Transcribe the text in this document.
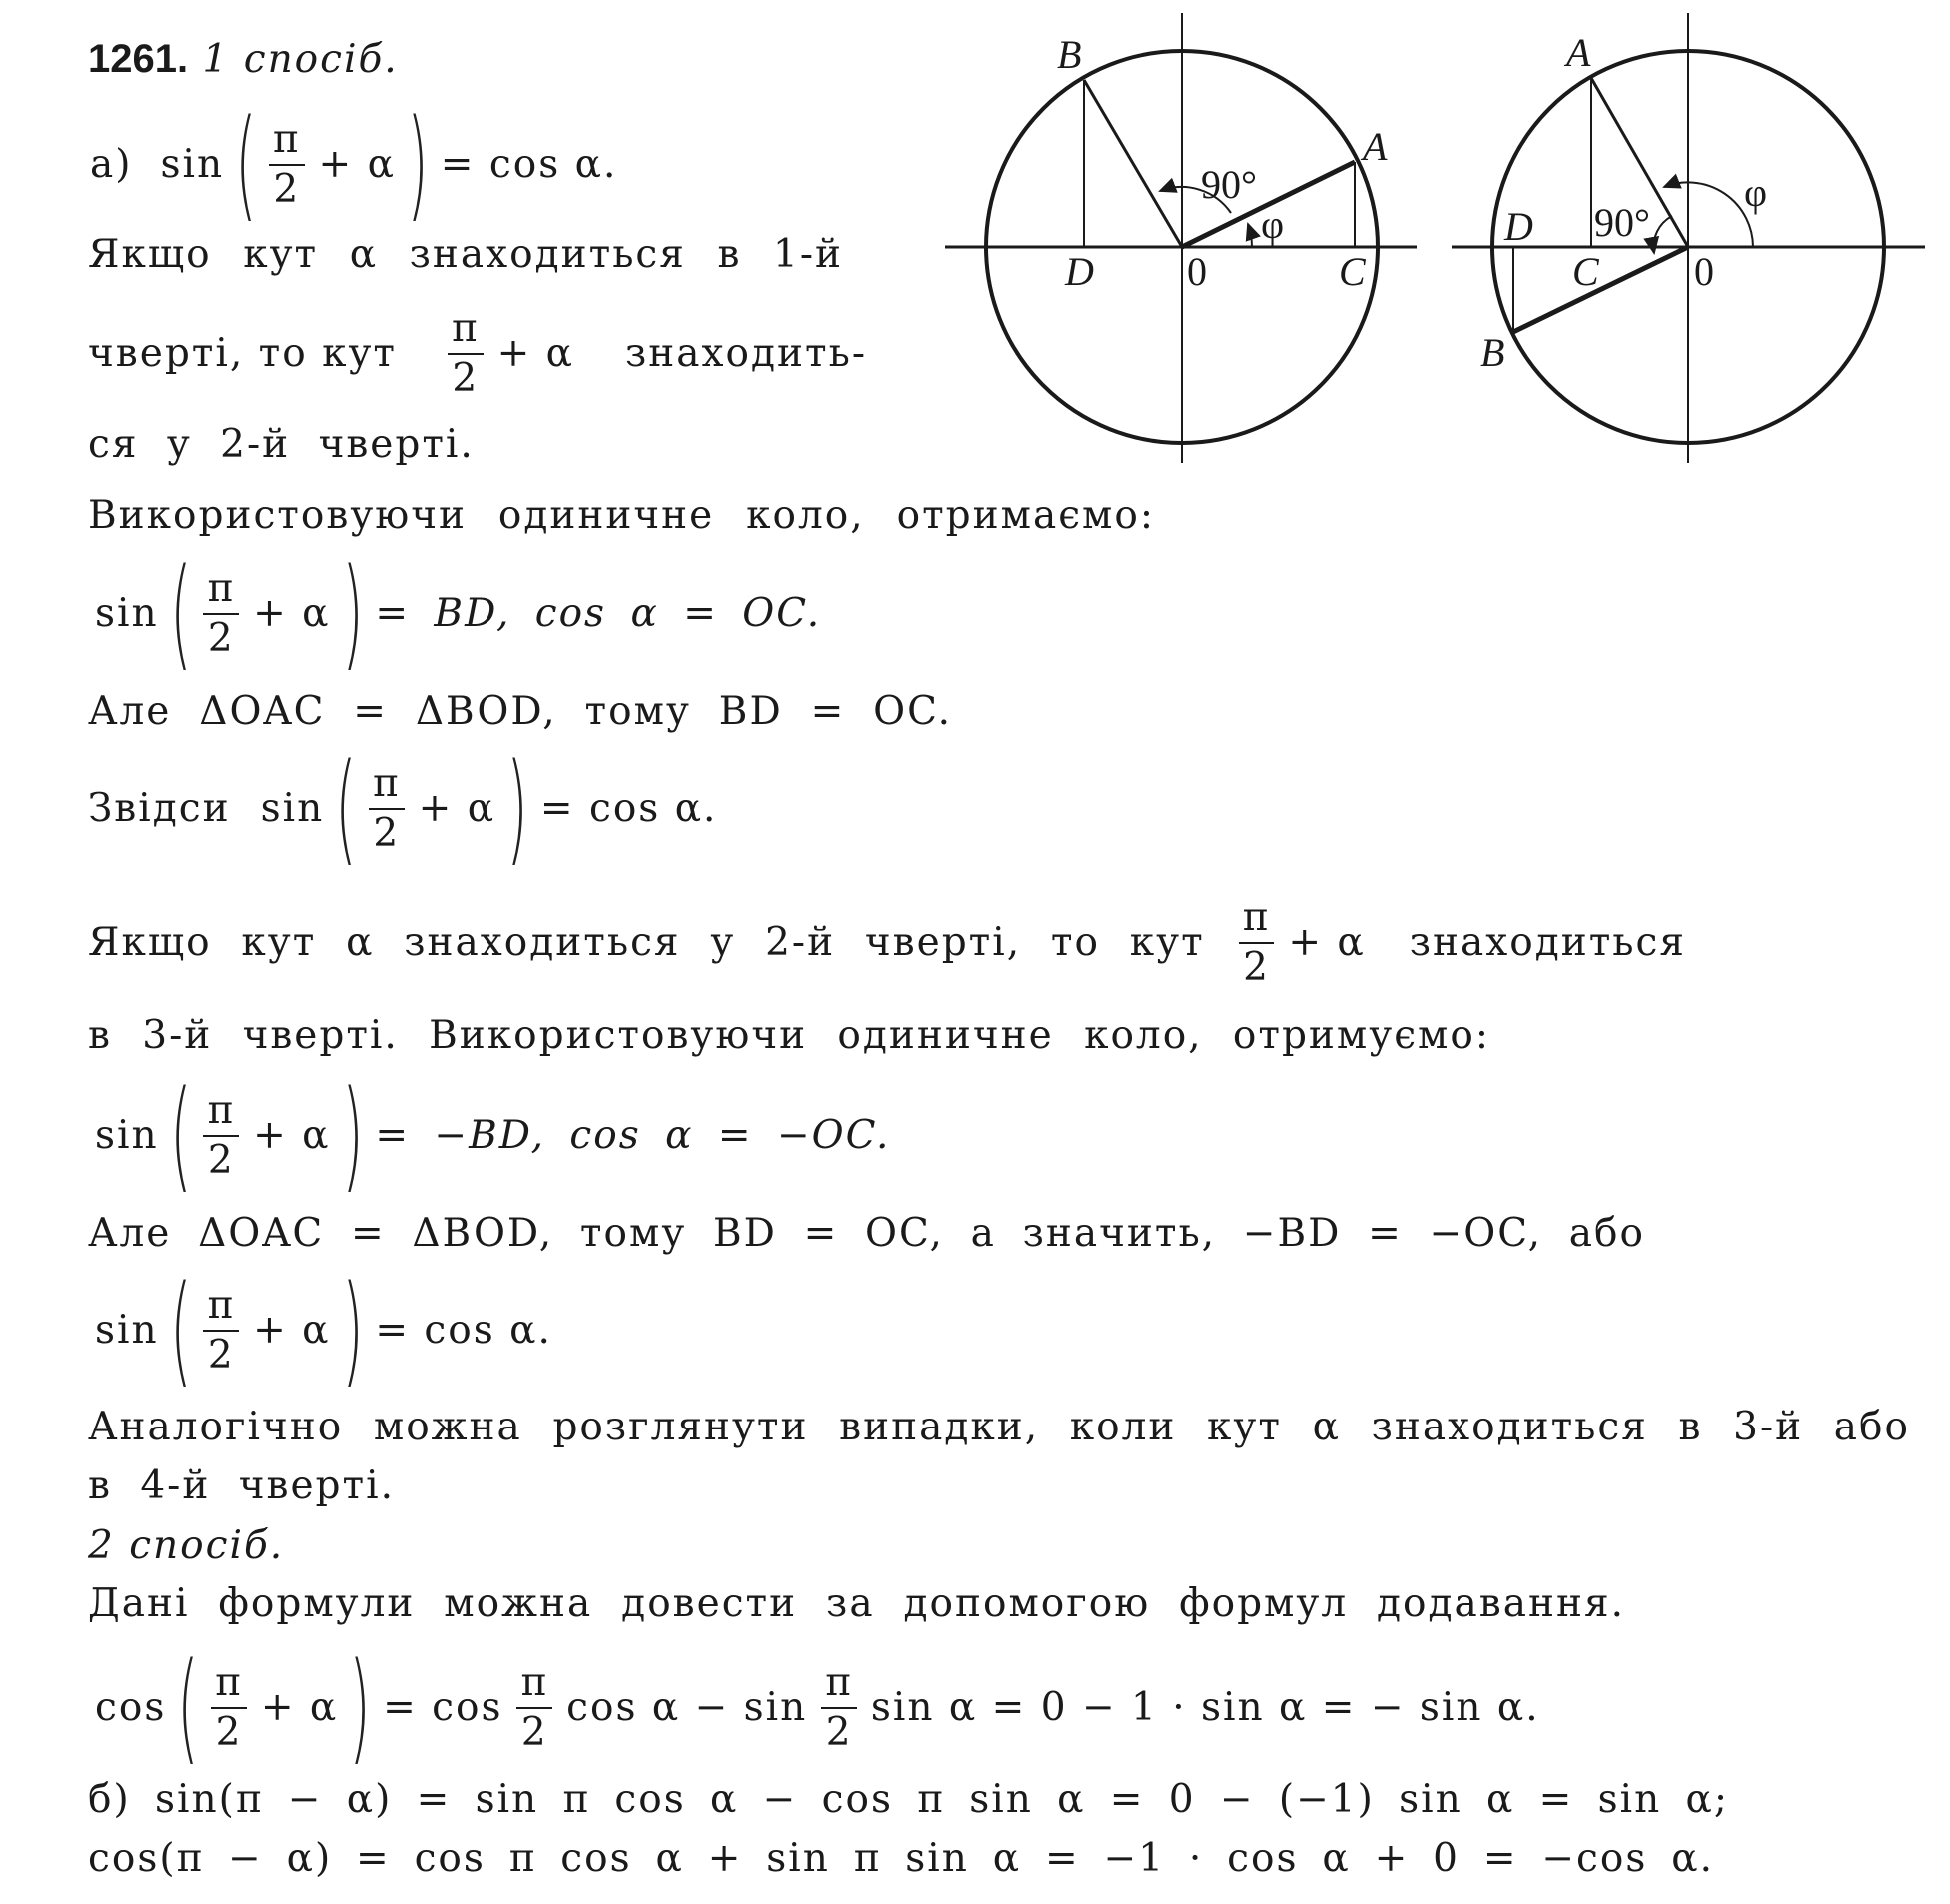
1261. 1 спосіб.
а) sin ( $\frac{\pi}{2} + \alpha$ ) = cos α.
Якщо кут α знаходиться в 1-й
чверті, то кут $\frac{\pi}{2} + \alpha$ знаходить-
ся у 2-й чверті.
Використовуючи одиничне коло, отримаємо:
sin ( $\frac{\pi}{2} + \alpha$ ) = BD, cos α = OC.
Але ΔOAC = ΔBOD, тому BD = OC.
Звідси sin ( $\frac{\pi}{2} + \alpha$ ) = cos α.
Якщо кут α знаходиться у 2-й чверті, то кут $\frac{\pi}{2} + \alpha$ знаходиться
в 3-й чверті. Використовуючи одиничне коло, отримуємо:
sin ( $\frac{\pi}{2} + \alpha$ ) = −BD, cos α = −OC.
Але ΔOAC = ΔBOD, тому BD = OC, а значить, −BD = −OC, або
sin ( $\frac{\pi}{2} + \alpha$ ) = cos α.
Аналогічно можна розглянути випадки, коли кут α знаходиться в 3-й або
в 4-й чверті.
2 спосіб.
Дані формули можна довести за допомогою формул додавання.
cos ( $\frac{\pi}{2} + \alpha$ ) = $\cos \frac{\pi}{2}$ $\cos \alpha - \sin \frac{\pi}{2}$ sin α = 0 − 1 · sin α = − sin α.
б) sin(π − α) = sin π cos α − cos π sin α = 0 − (−1) sin α = sin α;
cos(π − α) = cos π cos α + sin π sin α = −1 · cos α + 0 = −cos α.
B
A
90°
φ
D 0	C
A
D 90°
φ
C 0
B
